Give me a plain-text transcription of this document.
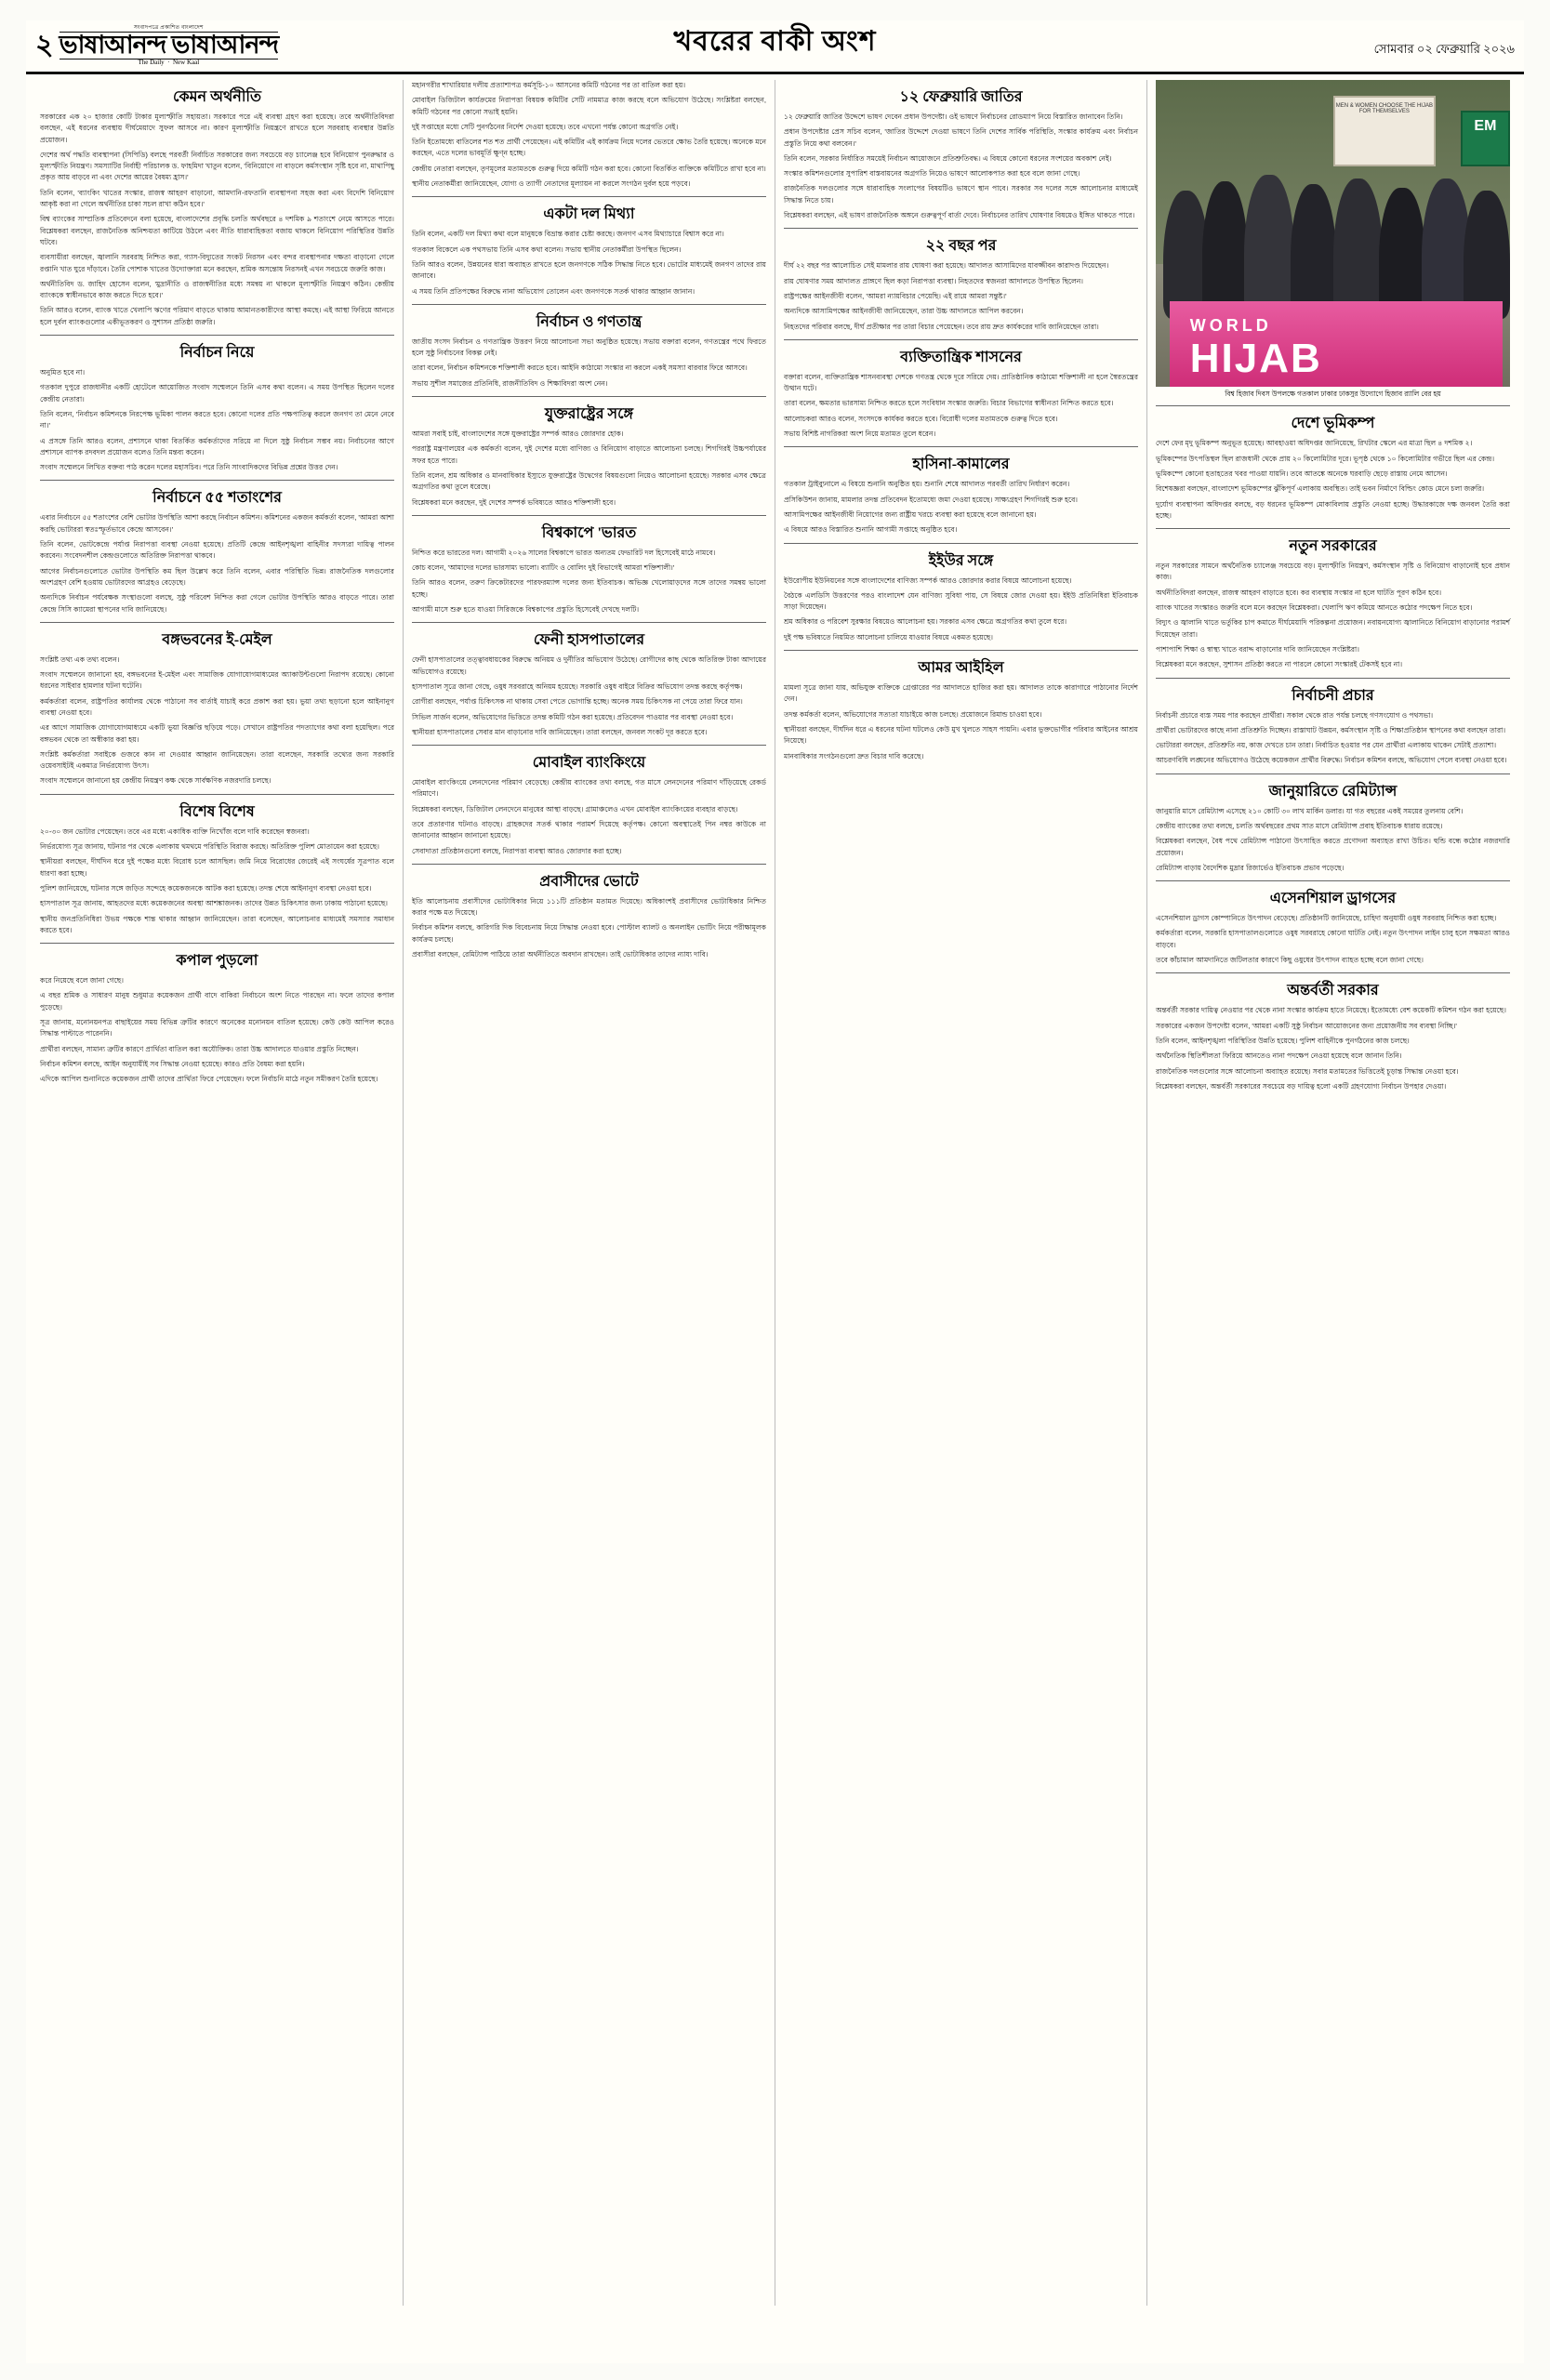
২
সংবাদপত্রে প্রকাশিত বাংলাদেশ
ভাষাআনন্দ ভাষাআনন্দ
The Daily  ·  New Kaal
খবরের বাকী অংশ	সোমবার ০২ ফেব্রুয়ারি ২০২৬
কেমন অর্থনীতি

সরকারের এক ২০ হাজার কোটি টাকার মূল্যস্ফীতি সহায়তা। সরকারে পরে এই ব্যবস্থা গ্রহণ করা হয়েছে। তবে অর্থনীতিবিদরা বলছেন, এই ধরনের ব্যবস্থায় দীর্ঘমেয়াদে সুফল আসবে না। কারণ মূল্যস্ফীতি নিয়ন্ত্রণে রাখতে হলে সরবরাহ ব্যবস্থার উন্নতি প্রয়োজন।

দেশের অর্থ পদ্ধতি ব্যবস্থাপনা (সিপিডি) বলছে পরবর্তী নির্বাচিত সরকারের জন্য সবচেয়ে বড় চ্যালেঞ্জ হবে বিনিয়োগ পুনরুদ্ধার ও মূল্যস্ফীতি নিয়ন্ত্রণ। সমস্যাটির নির্বাহী পরিচালক ড. ফাহমিদা খাতুন বলেন, 'বিনিয়োগে না বাড়লে কর্মসংস্থান সৃষ্টি হবে না, মাথাপিছু প্রকৃত আয় বাড়বে না এবং দেশের আয়ের বৈষম্য হ্রাস।'

তিনি বলেন, 'ব্যাংকিং খাতের সংস্কার, রাজস্ব আহরণ বাড়ানো, আমদানি-রফতানি ব্যবস্থাপনা সহজ করা এবং বিদেশি বিনিয়োগ আকৃষ্ট করা না গেলে অর্থনীতির চাকা সচল রাখা কঠিন হবে।'

বিশ্ব ব্যাংকের সাম্প্রতিক প্রতিবেদনে বলা হয়েছে, বাংলাদেশের প্রবৃদ্ধি চলতি অর্থবছরে ৪ দশমিক ৯ শতাংশে নেমে আসতে পারে। বিশ্লেষকরা বলছেন, রাজনৈতিক অনিশ্চয়তা কাটিয়ে উঠলে এবং নীতি ধারাবাহিকতা বজায় থাকলে বিনিয়োগ পরিস্থিতির উন্নতি ঘটবে।

ব্যবসায়ীরা বলছেন, জ্বালানি সরবরাহ নিশ্চিত করা, গ্যাস-বিদ্যুতের সংকট নিরসন এবং বন্দর ব্যবস্থাপনার দক্ষতা বাড়ানো গেলে রপ্তানি খাত ঘুরে দাঁড়াবে। তৈরি পোশাক খাতের উদ্যোক্তারা মনে করছেন, শ্রমিক অসন্তোষ নিরসনই এখন সবচেয়ে জরুরি কাজ।

অর্থনীতিবিদ ড. জাহিদ হোসেন বলেন, 'মুদ্রানীতি ও রাজস্বনীতির মধ্যে সমন্বয় না থাকলে মূল্যস্ফীতি নিয়ন্ত্রণ কঠিন। কেন্দ্রীয় ব্যাংককে স্বাধীনভাবে কাজ করতে দিতে হবে।'

তিনি আরও বলেন, ব্যাংক খাতে খেলাপি ঋণের পরিমাণ বাড়তে থাকায় আমানতকারীদের আস্থা কমছে। এই আস্থা ফিরিয়ে আনতে হলে দুর্বল ব্যাংকগুলোর একীভূতকরণ ও সুশাসন প্রতিষ্ঠা জরুরি।

নির্বাচন নিয়ে

অনুমিত হবে না।

গতকাল দুপুরে রাজধানীর একটি হোটেলে আয়োজিত সংবাদ সম্মেলনে তিনি এসব কথা বলেন। এ সময় উপস্থিত ছিলেন দলের কেন্দ্রীয় নেতারা।

তিনি বলেন, 'নির্বাচন কমিশনকে নিরপেক্ষ ভূমিকা পালন করতে হবে। কোনো দলের প্রতি পক্ষপাতিত্ব করলে জনগণ তা মেনে নেবে না।'

এ প্রসঙ্গে তিনি আরও বলেন, প্রশাসনে থাকা বিতর্কিত কর্মকর্তাদের সরিয়ে না দিলে সুষ্ঠু নির্বাচন সম্ভব নয়। নির্বাচনের আগে প্রশাসনে ব্যাপক রদবদল প্রয়োজন বলেও তিনি মন্তব্য করেন।

সংবাদ সম্মেলনে লিখিত বক্তব্য পাঠ করেন দলের মহাসচিব। পরে তিনি সাংবাদিকদের বিভিন্ন প্রশ্নের উত্তর দেন।

নির্বাচনে ৫৫ শতাংশের

এবার নির্বাচনে ৫৫ শতাংশের বেশি ভোটার উপস্থিতি আশা করছে নির্বাচন কমিশন। কমিশনের একজন কর্মকর্তা বলেন, 'আমরা আশা করছি ভোটাররা স্বতঃস্ফূর্তভাবে কেন্দ্রে আসবেন।'

তিনি বলেন, ভোটকেন্দ্রে পর্যাপ্ত নিরাপত্তা ব্যবস্থা নেওয়া হয়েছে। প্রতিটি কেন্দ্রে আইনশৃঙ্খলা বাহিনীর সদস্যরা দায়িত্ব পালন করবেন। সংবেদনশীল কেন্দ্রগুলোতে অতিরিক্ত নিরাপত্তা থাকবে।

আগের নির্বাচনগুলোতে ভোটার উপস্থিতি কম ছিল উল্লেখ করে তিনি বলেন, এবার পরিস্থিতি ভিন্ন। রাজনৈতিক দলগুলোর অংশগ্রহণ বেশি হওয়ায় ভোটারদের আগ্রহও বেড়েছে।

অন্যদিকে নির্বাচন পর্যবেক্ষক সংস্থাগুলো বলছে, সুষ্ঠু পরিবেশ নিশ্চিত করা গেলে ভোটার উপস্থিতি আরও বাড়তে পারে। তারা কেন্দ্রে সিসি ক্যামেরা স্থাপনের দাবি জানিয়েছে।

বঙ্গভবনের ই-মেইল

সংশ্লিষ্ট তথ্য এক তথ্য বলেন।

সংবাদ সম্মেলনে জানানো হয়, বঙ্গভবনের ই-মেইল এবং সামাজিক যোগাযোগমাধ্যমের অ্যাকাউন্টগুলো নিরাপদ রয়েছে। কোনো ধরনের সাইবার হামলার ঘটনা ঘটেনি।

কর্মকর্তারা বলেন, রাষ্ট্রপতির কার্যালয় থেকে পাঠানো সব বার্তাই যাচাই করে প্রকাশ করা হয়। ভুয়া তথ্য ছড়ানো হলে আইনানুগ ব্যবস্থা নেওয়া হবে।

এর আগে সামাজিক যোগাযোগমাধ্যমে একটি ভুয়া বিজ্ঞপ্তি ছড়িয়ে পড়ে। সেখানে রাষ্ট্রপতির পদত্যাগের কথা বলা হয়েছিল। পরে বঙ্গভবন থেকে তা অস্বীকার করা হয়।

সংশ্লিষ্ট কর্মকর্তারা সবাইকে গুজবে কান না দেওয়ার আহ্বান জানিয়েছেন। তারা বলেছেন, সরকারি তথ্যের জন্য সরকারি ওয়েবসাইটই একমাত্র নির্ভরযোগ্য উৎস।

সংবাদ সম্মেলনে জানানো হয় কেন্দ্রীয় নিয়ন্ত্রণ কক্ষ থেকে সার্বক্ষণিক নজরদারি চলছে।

বিশেষ বিশেষ

২০-৩০ জন ভোটার পেয়েছেন। তবে এর মধ্যে একাধিক ব্যক্তি নিখোঁজ বলে দাবি করেছেন স্বজনরা।

নির্ভরযোগ্য সূত্র জানায়, ঘটনার পর থেকে এলাকায় থমথমে পরিস্থিতি বিরাজ করছে। অতিরিক্ত পুলিশ মোতায়েন করা হয়েছে।

স্থানীয়রা বলছেন, দীর্ঘদিন ধরে দুই পক্ষের মধ্যে বিরোধ চলে আসছিল। জমি নিয়ে বিরোধের জেরেই এই সংঘর্ষের সূত্রপাত বলে ধারণা করা হচ্ছে।

পুলিশ জানিয়েছে, ঘটনার সঙ্গে জড়িত সন্দেহে কয়েকজনকে আটক করা হয়েছে। তদন্ত শেষে আইনানুগ ব্যবস্থা নেওয়া হবে।

হাসপাতাল সূত্র জানায়, আহতদের মধ্যে কয়েকজনের অবস্থা আশঙ্কাজনক। তাদের উন্নত চিকিৎসার জন্য ঢাকায় পাঠানো হয়েছে।

স্থানীয় জনপ্রতিনিধিরা উভয় পক্ষকে শান্ত থাকার আহ্বান জানিয়েছেন। তারা বলেছেন, আলোচনার মাধ্যমেই সমস্যার সমাধান করতে হবে।

কপাল পুড়লো

করে নিয়েছে বলে জানা গেছে।

এ বছর শ্রমিক ও সাধারণ মানুষ শুধুমাত্র কয়েকজন প্রার্থী বাদে বাকিরা নির্বাচনে অংশ নিতে পারছেন না। ফলে তাদের কপাল পুড়েছে।

সূত্র জানায়, মনোনয়নপত্র বাছাইয়ের সময় বিভিন্ন ত্রুটির কারণে অনেকের মনোনয়ন বাতিল হয়েছে। কেউ কেউ আপিল করেও সিদ্ধান্ত পাল্টাতে পারেননি।

প্রার্থীরা বলছেন, সামান্য ত্রুটির কারণে প্রার্থিতা বাতিল করা অযৌক্তিক। তারা উচ্চ আদালতে যাওয়ার প্রস্তুতি নিচ্ছেন।

নির্বাচন কমিশন বলছে, আইন অনুযায়ীই সব সিদ্ধান্ত নেওয়া হয়েছে। কারও প্রতি বৈষম্য করা হয়নি।

এদিকে আপিল শুনানিতে কয়েকজন প্রার্থী তাদের প্রার্থিতা ফিরে পেয়েছেন। ফলে নির্বাচনি মাঠে নতুন সমীকরণ তৈরি হয়েছে।

মহানগরীর শাখারিয়ার দলীয় প্রত্যাশাপত্র কর্মসূচি-১০ আসনের কমিটি গঠনের পর তা বাতিল করা হয়।

মোবাইল ডিজিটাল কার্যক্রমের নিরাপত্তা বিষয়ক কমিটির সেটি নামমাত্র কাজ করছে বলে অভিযোগ উঠেছে। সংশ্লিষ্টরা বলছেন, কমিটি গঠনের পর কোনো সভাই হয়নি।

দুই সপ্তাহের মধ্যে সেটি পুনর্গঠনের নির্দেশ দেওয়া হয়েছে। তবে এখনো পর্যন্ত কোনো অগ্রগতি নেই।

তিনি ইতোমধ্যে বাতিলের শত শত প্রার্থী পেয়েছেন। এই কমিটির এই কার্যক্রম নিয়ে দলের ভেতরে ক্ষোভ তৈরি হয়েছে। অনেকে মনে করছেন, এতে দলের ভাবমূর্তি ক্ষুণ্ন হচ্ছে।

কেন্দ্রীয় নেতারা বলছেন, তৃণমূলের মতামতকে গুরুত্ব দিয়ে কমিটি গঠন করা হবে। কোনো বিতর্কিত ব্যক্তিকে কমিটিতে রাখা হবে না।

স্থানীয় নেতাকর্মীরা জানিয়েছেন, যোগ্য ও ত্যাগী নেতাদের মূল্যায়ন না করলে সংগঠন দুর্বল হয়ে পড়বে।

একটা দল মিথ্যা

তিনি বলেন, একটি দল মিথ্যা কথা বলে মানুষকে বিভ্রান্ত করার চেষ্টা করছে। জনগণ এসব মিথ্যাচারে বিশ্বাস করে না।

গতকাল বিকেলে এক পথসভায় তিনি এসব কথা বলেন। সভায় স্থানীয় নেতাকর্মীরা উপস্থিত ছিলেন।

তিনি আরও বলেন, উন্নয়নের ধারা অব্যাহত রাখতে হলে জনগণকে সঠিক সিদ্ধান্ত নিতে হবে। ভোটের মাধ্যমেই জনগণ তাদের রায় জানাবে।

এ সময় তিনি প্রতিপক্ষের বিরুদ্ধে নানা অভিযোগ তোলেন এবং জনগণকে সতর্ক থাকার আহ্বান জানান।

নির্বাচন ও গণতান্ত্র

জাতীয় সংসদ নির্বাচন ও গণতান্ত্রিক উত্তরণ নিয়ে আলোচনা সভা অনুষ্ঠিত হয়েছে। সভায় বক্তারা বলেন, গণতন্ত্রের পথে ফিরতে হলে সুষ্ঠু নির্বাচনের বিকল্প নেই।

তারা বলেন, নির্বাচন কমিশনকে শক্তিশালী করতে হবে। আইনি কাঠামো সংস্কার না করলে একই সমস্যা বারবার ফিরে আসবে।

সভায় সুশীল সমাজের প্রতিনিধি, রাজনীতিবিদ ও শিক্ষাবিদরা অংশ নেন।

যুক্তরাষ্ট্রের সঙ্গে

আমরা সবাই চাই, বাংলাদেশের সঙ্গে যুক্তরাষ্ট্রের সম্পর্ক আরও জোরদার হোক।

পররাষ্ট্র মন্ত্রণালয়ের এক কর্মকর্তা বলেন, দুই দেশের মধ্যে বাণিজ্য ও বিনিয়োগ বাড়াতে আলোচনা চলছে। শিগগিরই উচ্চপর্যায়ের সফর হতে পারে।

তিনি বলেন, শ্রম অধিকার ও মানবাধিকার ইস্যুতে যুক্তরাষ্ট্রের উদ্বেগের বিষয়গুলো নিয়েও আলোচনা হয়েছে। সরকার এসব ক্ষেত্রে অগ্রগতির কথা তুলে ধরেছে।

বিশ্লেষকরা মনে করছেন, দুই দেশের সম্পর্ক ভবিষ্যতে আরও শক্তিশালী হবে।

বিশ্বকাপে 'ভারত

নিশ্চিত করে ভারতের দল। আগামী ২০২৬ সালের বিশ্বকাপে ভারত অন্যতম ফেভারিট দল হিসেবেই মাঠে নামবে।

কোচ বলেন, 'আমাদের দলের ভারসাম্য ভালো। ব্যাটিং ও বোলিং দুই বিভাগেই আমরা শক্তিশালী।'

তিনি আরও বলেন, তরুণ ক্রিকেটারদের পারফরম্যান্স দলের জন্য ইতিবাচক। অভিজ্ঞ খেলোয়াড়দের সঙ্গে তাদের সমন্বয় ভালো হচ্ছে।

আগামী মাসে শুরু হতে যাওয়া সিরিজকে বিশ্বকাপের প্রস্তুতি হিসেবেই দেখছে দলটি।

ফেনী হাসপাতালের

ফেনী হাসপাতালের তত্ত্বাবধায়কের বিরুদ্ধে অনিয়ম ও দুর্নীতির অভিযোগ উঠেছে। রোগীদের কাছ থেকে অতিরিক্ত টাকা আদায়ের অভিযোগও রয়েছে।

হাসপাতাল সূত্রে জানা গেছে, ওষুধ সরবরাহে অনিয়ম হয়েছে। সরকারি ওষুধ বাইরে বিক্রির অভিযোগ তদন্ত করছে কর্তৃপক্ষ।

রোগীরা বলছেন, পর্যাপ্ত চিকিৎসক না থাকায় সেবা পেতে ভোগান্তি হচ্ছে। অনেক সময় চিকিৎসক না পেয়ে তারা ফিরে যান।

সিভিল সার্জন বলেন, অভিযোগের ভিত্তিতে তদন্ত কমিটি গঠন করা হয়েছে। প্রতিবেদন পাওয়ার পর ব্যবস্থা নেওয়া হবে।

স্থানীয়রা হাসপাতালের সেবার মান বাড়ানোর দাবি জানিয়েছেন। তারা বলছেন, জনবল সংকট দূর করতে হবে।

মোবাইল ব্যাংকিংয়ে

মোবাইল ব্যাংকিংয়ে লেনদেনের পরিমাণ বেড়েছে। কেন্দ্রীয় ব্যাংকের তথ্য বলছে, গত মাসে লেনদেনের পরিমাণ দাঁড়িয়েছে রেকর্ড পরিমাণে।

বিশ্লেষকরা বলছেন, ডিজিটাল লেনদেনে মানুষের আস্থা বাড়ছে। গ্রামাঞ্চলেও এখন মোবাইল ব্যাংকিংয়ের ব্যবহার বাড়ছে।

তবে প্রতারণার ঘটনাও বাড়ছে। গ্রাহকদের সতর্ক থাকার পরামর্শ দিয়েছে কর্তৃপক্ষ। কোনো অবস্থাতেই পিন নম্বর কাউকে না জানানোর আহ্বান জানানো হয়েছে।

সেবাদাতা প্রতিষ্ঠানগুলো বলছে, নিরাপত্তা ব্যবস্থা আরও জোরদার করা হচ্ছে।

প্রবাসীদের ভোটে

ইতি আলোচনায় প্রবাসীদের ভোটাধিকার নিয়ে ১১১টি প্রতিষ্ঠান মতামত দিয়েছে। অধিকাংশই প্রবাসীদের ভোটাধিকার নিশ্চিত করার পক্ষে মত দিয়েছে।

নির্বাচন কমিশন বলছে, কারিগরি দিক বিবেচনায় নিয়ে সিদ্ধান্ত নেওয়া হবে। পোস্টাল ব্যালট ও অনলাইন ভোটিং নিয়ে পরীক্ষামূলক কার্যক্রম চলছে।

প্রবাসীরা বলছেন, রেমিট্যান্স পাঠিয়ে তারা অর্থনীতিতে অবদান রাখছেন। তাই ভোটাধিকার তাদের ন্যায্য দাবি।

১২ ফেব্রুয়ারি জাতির

১২ ফেব্রুয়ারি জাতির উদ্দেশে ভাষণ দেবেন প্রধান উপদেষ্টা। ওই ভাষণে নির্বাচনের রোডম্যাপ নিয়ে বিস্তারিত জানাবেন তিনি।

প্রধান উপদেষ্টার প্রেস সচিব বলেন, 'জাতির উদ্দেশে দেওয়া ভাষণে তিনি দেশের সার্বিক পরিস্থিতি, সংস্কার কার্যক্রম এবং নির্বাচন প্রস্তুতি নিয়ে কথা বলবেন।'

তিনি বলেন, সরকার নির্ধারিত সময়েই নির্বাচন আয়োজনে প্রতিশ্রুতিবদ্ধ। এ বিষয়ে কোনো ধরনের সংশয়ের অবকাশ নেই।

সংস্কার কমিশনগুলোর সুপারিশ বাস্তবায়নের অগ্রগতি নিয়েও ভাষণে আলোকপাত করা হবে বলে জানা গেছে।

রাজনৈতিক দলগুলোর সঙ্গে ধারাবাহিক সংলাপের বিষয়টিও ভাষণে স্থান পাবে। সরকার সব দলের সঙ্গে আলোচনার মাধ্যমেই সিদ্ধান্ত নিতে চায়।

বিশ্লেষকরা বলছেন, এই ভাষণ রাজনৈতিক অঙ্গনে গুরুত্বপূর্ণ বার্তা দেবে। নির্বাচনের তারিখ ঘোষণার বিষয়েও ইঙ্গিত থাকতে পারে।

২২ বছর পর

দীর্ঘ ২২ বছর পর আলোচিত সেই মামলার রায় ঘোষণা করা হয়েছে। আদালত আসামিদের যাবজ্জীবন কারাদণ্ড দিয়েছেন।

রায় ঘোষণার সময় আদালত প্রাঙ্গণে ছিল কড়া নিরাপত্তা ব্যবস্থা। নিহতদের স্বজনরা আদালতে উপস্থিত ছিলেন।

রাষ্ট্রপক্ষের আইনজীবী বলেন, 'আমরা ন্যায়বিচার পেয়েছি। এই রায়ে আমরা সন্তুষ্ট।'

অন্যদিকে আসামিপক্ষের আইনজীবী জানিয়েছেন, তারা উচ্চ আদালতে আপিল করবেন।

নিহতদের পরিবার বলছে, দীর্ঘ প্রতীক্ষার পর তারা বিচার পেয়েছেন। তবে রায় দ্রুত কার্যকরের দাবি জানিয়েছেন তারা।

ব্যক্তিতান্ত্রিক শাসনের

বক্তারা বলেন, ব্যক্তিতান্ত্রিক শাসনব্যবস্থা দেশকে গণতন্ত্র থেকে দূরে সরিয়ে দেয়। প্রাতিষ্ঠানিক কাঠামো শক্তিশালী না হলে স্বৈরতন্ত্রের উত্থান ঘটে।

তারা বলেন, ক্ষমতার ভারসাম্য নিশ্চিত করতে হলে সংবিধান সংস্কার জরুরি। বিচার বিভাগের স্বাধীনতা নিশ্চিত করতে হবে।

আলোচকরা আরও বলেন, সংসদকে কার্যকর করতে হবে। বিরোধী দলের মতামতকে গুরুত্ব দিতে হবে।

সভায় বিশিষ্ট নাগরিকরা অংশ নিয়ে মতামত তুলে ধরেন।

হাসিনা-কামালের

গতকাল ট্রাইব্যুনালে এ বিষয়ে শুনানি অনুষ্ঠিত হয়। শুনানি শেষে আদালত পরবর্তী তারিখ নির্ধারণ করেন।

প্রসিকিউশন জানায়, মামলার তদন্ত প্রতিবেদন ইতোমধ্যে জমা দেওয়া হয়েছে। সাক্ষ্যগ্রহণ শিগগিরই শুরু হবে।

আসামিপক্ষের আইনজীবী নিয়োগের জন্য রাষ্ট্রীয় খরচে ব্যবস্থা করা হয়েছে বলে জানানো হয়।

এ বিষয়ে আরও বিস্তারিত শুনানি আগামী সপ্তাহে অনুষ্ঠিত হবে।

ইইউর সঙ্গে

ইউরোপীয় ইউনিয়নের সঙ্গে বাংলাদেশের বাণিজ্য সম্পর্ক আরও জোরদার করার বিষয়ে আলোচনা হয়েছে।

বৈঠকে এলডিসি উত্তরণের পরও বাংলাদেশ যেন বাণিজ্য সুবিধা পায়, সে বিষয়ে জোর দেওয়া হয়। ইইউ প্রতিনিধিরা ইতিবাচক সাড়া দিয়েছেন।

শ্রম অধিকার ও পরিবেশ সুরক্ষার বিষয়েও আলোচনা হয়। সরকার এসব ক্ষেত্রে অগ্রগতির কথা তুলে ধরে।

দুই পক্ষ ভবিষ্যতে নিয়মিত আলোচনা চালিয়ে যাওয়ার বিষয়ে একমত হয়েছে।

আমর আইহিল

মামলা সূত্রে জানা যায়, অভিযুক্ত ব্যক্তিকে গ্রেপ্তারের পর আদালতে হাজির করা হয়। আদালত তাকে কারাগারে পাঠানোর নির্দেশ দেন।

তদন্ত কর্মকর্তা বলেন, অভিযোগের সত্যতা যাচাইয়ে কাজ চলছে। প্রয়োজনে রিমান্ড চাওয়া হবে।

স্থানীয়রা বলছেন, দীর্ঘদিন ধরে এ ধরনের ঘটনা ঘটলেও কেউ মুখ খুলতে সাহস পায়নি। এবার ভুক্তভোগীর পরিবার আইনের আশ্রয় নিয়েছে।

মানবাধিকার সংগঠনগুলো দ্রুত বিচার দাবি করেছে।

MEN & WOMEN CHOOSE THE HIJAB FOR THEMSELVES
EM
WORLD
HIJAB
বিশ্ব হিজাব দিবস উপলক্ষে গতকাল ঢাকার ঢাকসুর উদ্যোগে হিজাব র‌্যালি বের হয়
দেশে ভূমিকম্প

দেশে ফের মৃদু ভূমিকম্প অনুভূত হয়েছে। আবহাওয়া অধিদপ্তর জানিয়েছে, রিখটার স্কেলে এর মাত্রা ছিল ৪ দশমিক ২।

ভূমিকম্পের উৎপত্তিস্থল ছিল রাজধানী থেকে প্রায় ২০ কিলোমিটার দূরে। ভূপৃষ্ঠ থেকে ১০ কিলোমিটার গভীরে ছিল এর কেন্দ্র।

ভূমিকম্পে কোনো হতাহতের খবর পাওয়া যায়নি। তবে আতঙ্কে অনেকে ঘরবাড়ি ছেড়ে রাস্তায় নেমে আসেন।

বিশেষজ্ঞরা বলছেন, বাংলাদেশ ভূমিকম্পের ঝুঁকিপূর্ণ এলাকায় অবস্থিত। তাই ভবন নির্মাণে বিল্ডিং কোড মেনে চলা জরুরি।

দুর্যোগ ব্যবস্থাপনা অধিদপ্তর বলছে, বড় ধরনের ভূমিকম্প মোকাবিলায় প্রস্তুতি নেওয়া হচ্ছে। উদ্ধারকাজে দক্ষ জনবল তৈরি করা হচ্ছে।

নতুন সরকারের

নতুন সরকারের সামনে অর্থনৈতিক চ্যালেঞ্জ সবচেয়ে বড়। মূল্যস্ফীতি নিয়ন্ত্রণ, কর্মসংস্থান সৃষ্টি ও বিনিয়োগ বাড়ানোই হবে প্রধান কাজ।

অর্থনীতিবিদরা বলছেন, রাজস্ব আহরণ বাড়াতে হবে। কর ব্যবস্থায় সংস্কার না হলে ঘাটতি পূরণ কঠিন হবে।

ব্যাংক খাতের সংস্কারও জরুরি বলে মনে করছেন বিশ্লেষকরা। খেলাপি ঋণ কমিয়ে আনতে কঠোর পদক্ষেপ নিতে হবে।

বিদ্যুৎ ও জ্বালানি খাতে ভর্তুকির চাপ কমাতে দীর্ঘমেয়াদি পরিকল্পনা প্রয়োজন। নবায়নযোগ্য জ্বালানিতে বিনিয়োগ বাড়ানোর পরামর্শ দিয়েছেন তারা।

পাশাপাশি শিক্ষা ও স্বাস্থ্য খাতে বরাদ্দ বাড়ানোর দাবি জানিয়েছেন সংশ্লিষ্টরা।

বিশ্লেষকরা মনে করছেন, সুশাসন প্রতিষ্ঠা করতে না পারলে কোনো সংস্কারই টেকসই হবে না।

নির্বাচনী প্রচার

নির্বাচনী প্রচারে ব্যস্ত সময় পার করছেন প্রার্থীরা। সকাল থেকে রাত পর্যন্ত চলছে গণসংযোগ ও পথসভা।

প্রার্থীরা ভোটারদের কাছে নানা প্রতিশ্রুতি দিচ্ছেন। রাস্তাঘাট উন্নয়ন, কর্মসংস্থান সৃষ্টি ও শিক্ষাপ্রতিষ্ঠান স্থাপনের কথা বলছেন তারা।

ভোটাররা বলছেন, প্রতিশ্রুতি নয়, কাজ দেখতে চান তারা। নির্বাচিত হওয়ার পর যেন প্রার্থীরা এলাকায় থাকেন সেটাই প্রত্যাশা।

আচরণবিধি লঙ্ঘনের অভিযোগও উঠেছে কয়েকজন প্রার্থীর বিরুদ্ধে। নির্বাচন কমিশন বলছে, অভিযোগ পেলে ব্যবস্থা নেওয়া হবে।

জানুয়ারিতে রেমিট্যান্স

জানুয়ারি মাসে রেমিট্যান্স এসেছে ২১০ কোটি ৩০ লাখ মার্কিন ডলার। যা গত বছরের একই সময়ের তুলনায় বেশি।

কেন্দ্রীয় ব্যাংকের তথ্য বলছে, চলতি অর্থবছরের প্রথম সাত মাসে রেমিট্যান্স প্রবাহ ইতিবাচক ধারায় রয়েছে।

বিশ্লেষকরা বলছেন, বৈধ পথে রেমিট্যান্স পাঠানো উৎসাহিত করতে প্রণোদনা অব্যাহত রাখা উচিত। হুন্ডি বন্ধে কঠোর নজরদারি প্রয়োজন।

রেমিট্যান্স বাড়ায় বৈদেশিক মুদ্রার রিজার্ভেও ইতিবাচক প্রভাব পড়েছে।

এসেনশিয়াল ড্রাগসের

এসেনশিয়াল ড্রাগস কোম্পানিতে উৎপাদন বেড়েছে। প্রতিষ্ঠানটি জানিয়েছে, চাহিদা অনুযায়ী ওষুধ সরবরাহ নিশ্চিত করা হচ্ছে।

কর্মকর্তারা বলেন, সরকারি হাসপাতালগুলোতে ওষুধ সরবরাহে কোনো ঘাটতি নেই। নতুন উৎপাদন লাইন চালু হলে সক্ষমতা আরও বাড়বে।

তবে কাঁচামাল আমদানিতে জটিলতার কারণে কিছু ওষুধের উৎপাদন ব্যাহত হচ্ছে বলে জানা গেছে।

অন্তর্বর্তী সরকার

অন্তর্বর্তী সরকার দায়িত্ব নেওয়ার পর থেকে নানা সংস্কার কার্যক্রম হাতে নিয়েছে। ইতোমধ্যে বেশ কয়েকটি কমিশন গঠন করা হয়েছে।

সরকারের একজন উপদেষ্টা বলেন, 'আমরা একটি সুষ্ঠু নির্বাচন আয়োজনের জন্য প্রয়োজনীয় সব ব্যবস্থা নিচ্ছি।'

তিনি বলেন, আইনশৃঙ্খলা পরিস্থিতির উন্নতি হয়েছে। পুলিশ বাহিনীকে পুনর্গঠনের কাজ চলছে।

অর্থনৈতিক স্থিতিশীলতা ফিরিয়ে আনতেও নানা পদক্ষেপ নেওয়া হয়েছে বলে জানান তিনি।

রাজনৈতিক দলগুলোর সঙ্গে আলোচনা অব্যাহত রয়েছে। সবার মতামতের ভিত্তিতেই চূড়ান্ত সিদ্ধান্ত নেওয়া হবে।

বিশ্লেষকরা বলছেন, অন্তর্বর্তী সরকারের সবচেয়ে বড় দায়িত্ব হলো একটি গ্রহণযোগ্য নির্বাচন উপহার দেওয়া।
